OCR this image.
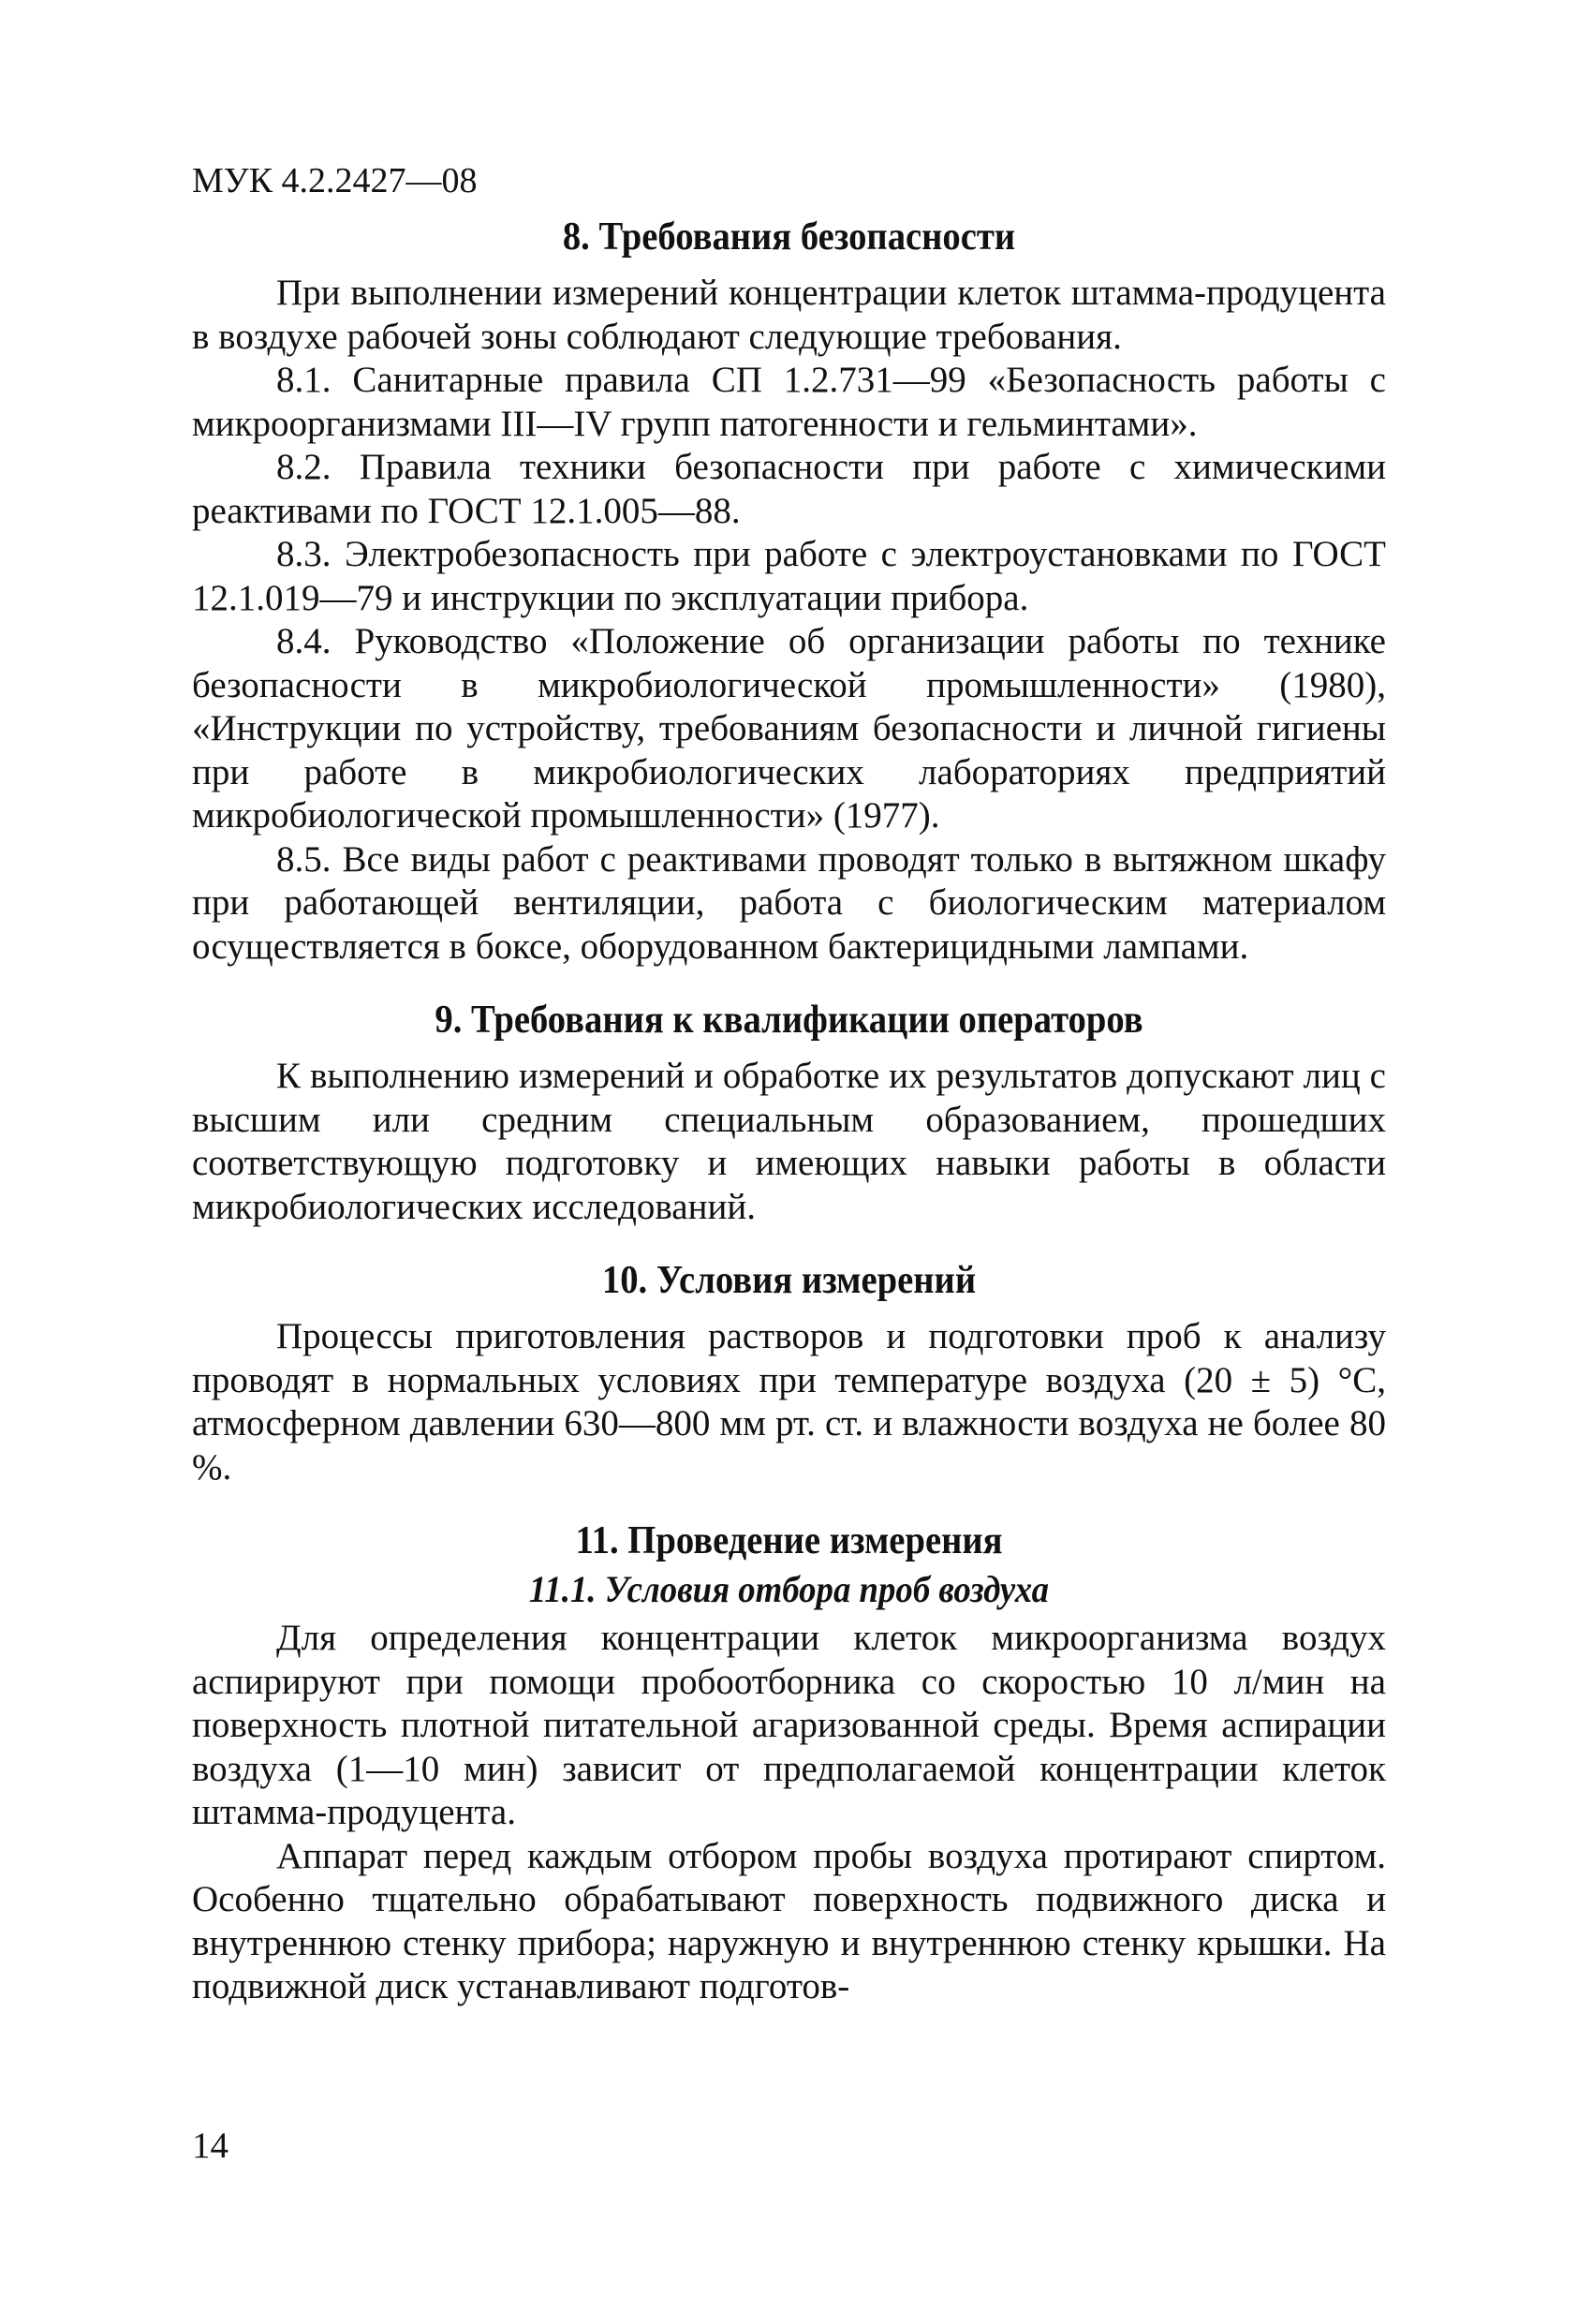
МУК 4.2.2427—08
8. Требования безопасности

При выполнении измерений концентрации клеток штамма-продуцента в воздухе рабочей зоны соблюдают следующие требования.

8.1. Санитарные правила СП 1.2.731—99 «Безопасность работы с микроорганизмами III—IV групп патогенности и гельминтами».

8.2. Правила техники безопасности при работе с химическими реактивами по ГОСТ 12.1.005—88.

8.3. Электробезопасность при работе с электроустановками по ГОСТ 12.1.019—79 и инструкции по эксплуатации прибора.

8.4. Руководство «Положение об организации работы по технике безопасности в микробиологической промышленности» (1980), «Инструкции по устройству, требованиям безопасности и личной гигиены при работе в микробиологических лабораториях предприятий микробиологической промышленности» (1977).

8.5. Все виды работ с реактивами проводят только в вытяжном шкафу при работающей вентиляции, работа с биологическим материалом осуществляется в боксе, оборудованном бактерицидными лампами.

9. Требования к квалификации операторов

К выполнению измерений и обработке их результатов допускают лиц с высшим или средним специальным образованием, прошедших соответствующую подготовку и имеющих навыки работы в области микробиологических исследований.

10. Условия измерений

Процессы приготовления растворов и подготовки проб к анализу проводят в нормальных условиях при температуре воздуха (20 ± 5) °С, атмосферном давлении 630—800 мм рт. ст. и влажности воздуха не более 80 %.

11. Проведение измерения
11.1. Условия отбора проб воздуха

Для определения концентрации клеток микроорганизма воздух аспирируют при помощи пробоотборника со скоростью 10 л/мин на поверхность плотной питательной агаризованной среды. Время аспирации воздуха (1—10 мин) зависит от предполагаемой концентрации клеток штамма-продуцента.

Аппарат перед каждым отбором пробы воздуха протирают спиртом. Особенно тщательно обрабатывают поверхность подвижного диска и внутреннюю стенку прибора; наружную и внутреннюю стенку крышки. На подвижной диск устанавливают подготов-

14
